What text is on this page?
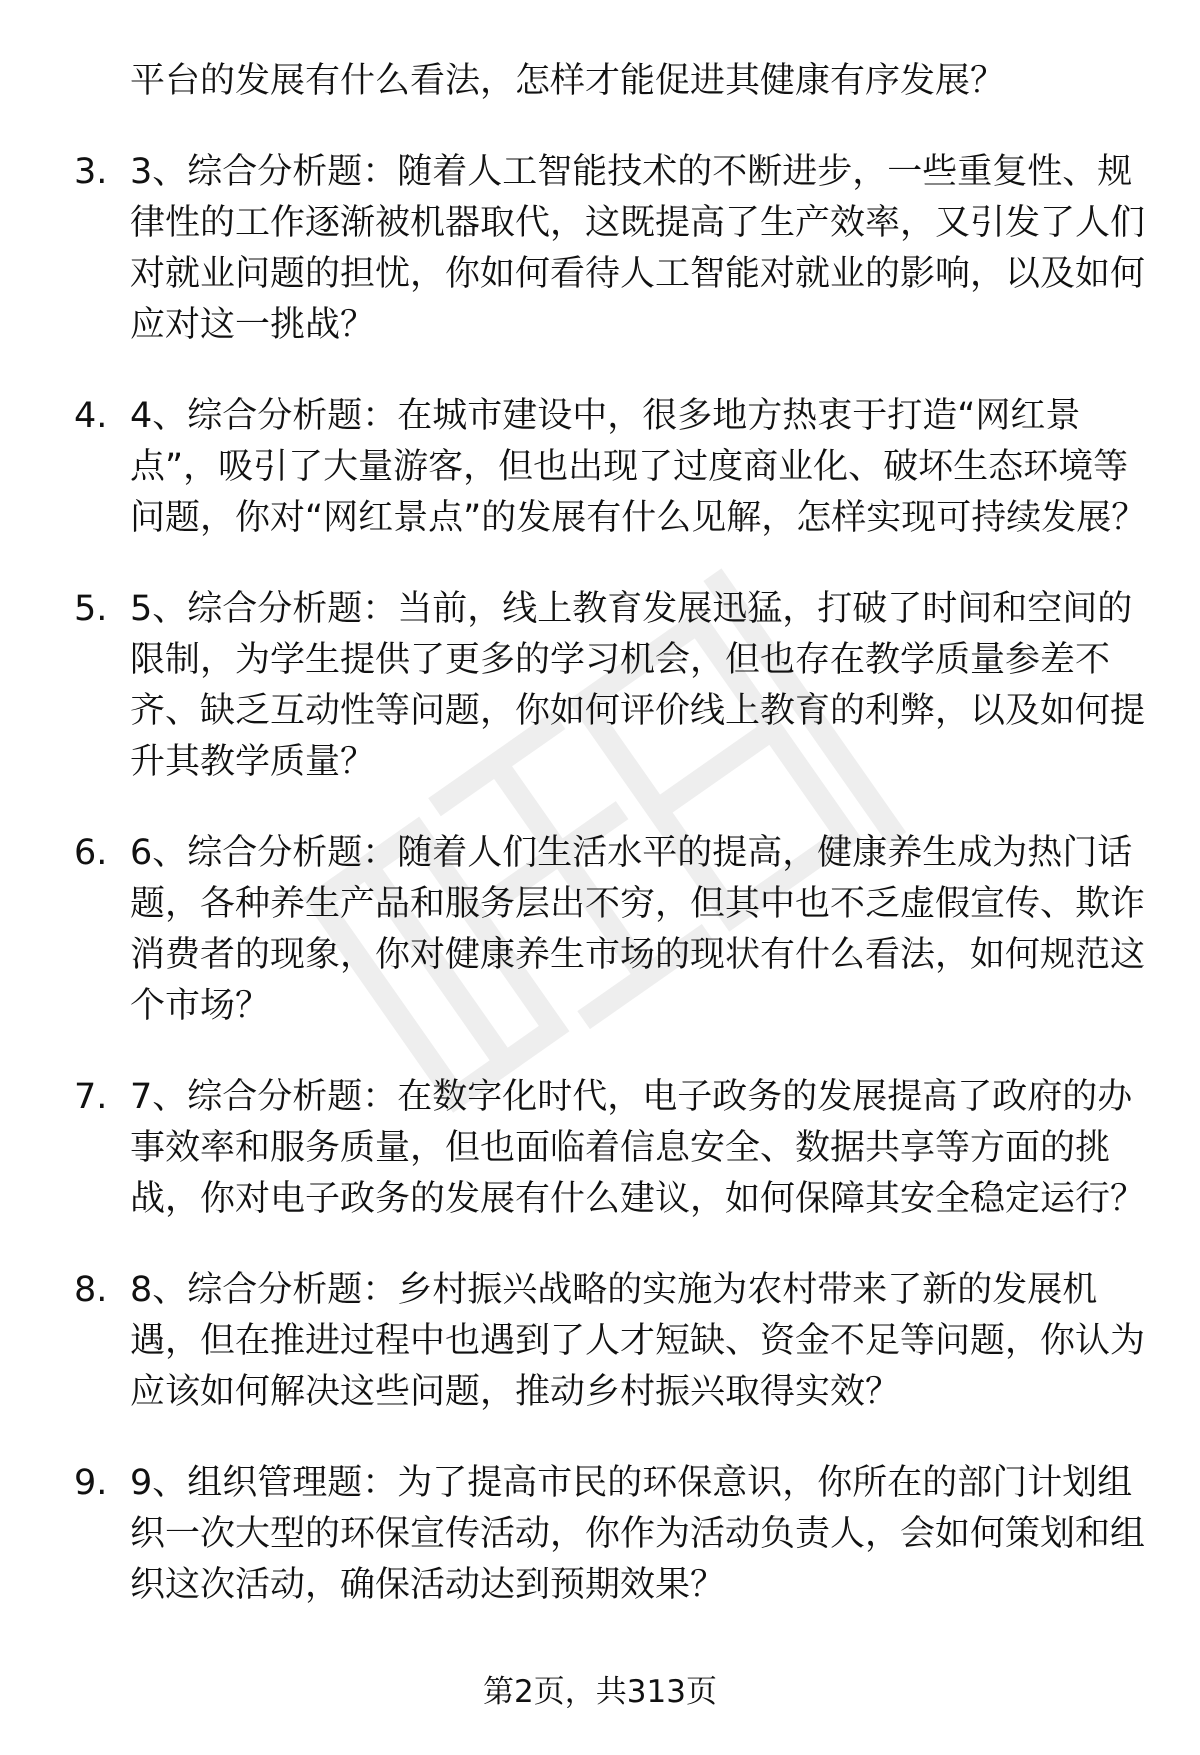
平台的发展有什么看法，怎样才能促进其健康有序发展？
3. 3、综合分析题：随着人工智能技术的不断进步，一些重复性、规律性的工作逐渐被机器取代，这既提高了生产效率，又引发了人们对就业问题的担忧，你如何看待人工智能对就业的影响，以及如何应对这一挑战？
4. 4、综合分析题：在城市建设中，很多地方热衷于打造“网红景点”，吸引了大量游客，但也出现了过度商业化、破坏生态环境等问题，你对“网红景点”的发展有什么见解，怎样实现可持续发展？
5. 5、综合分析题：当前，线上教育发展迅猛，打破了时间和空间的限制，为学生提供了更多的学习机会，但也存在教学质量参差不齐、缺乏互动性等问题，你如何评价线上教育的利弊，以及如何提升其教学质量？
6. 6、综合分析题：随着人们生活水平的提高，健康养生成为热门话题，各种养生产品和服务层出不穷，但其中也不乏虚假宣传、欺诈消费者的现象，你对健康养生市场的现状有什么看法，如何规范这个市场？
7. 7、综合分析题：在数字化时代，电子政务的发展提高了政府的办事效率和服务质量，但也面临着信息安全、数据共享等方面的挑战，你对电子政务的发展有什么建议，如何保障其安全稳定运行？
8. 8、综合分析题：乡村振兴战略的实施为农村带来了新的发展机遇，但在推进过程中也遇到了人才短缺、资金不足等问题，你认为应该如何解决这些问题，推动乡村振兴取得实效？
9. 9、组织管理题：为了提高市民的环保意识，你所在的部门计划组织一次大型的环保宣传活动，你作为活动负责人，会如何策划和组织这次活动，确保活动达到预期效果？
第2页，共313页
